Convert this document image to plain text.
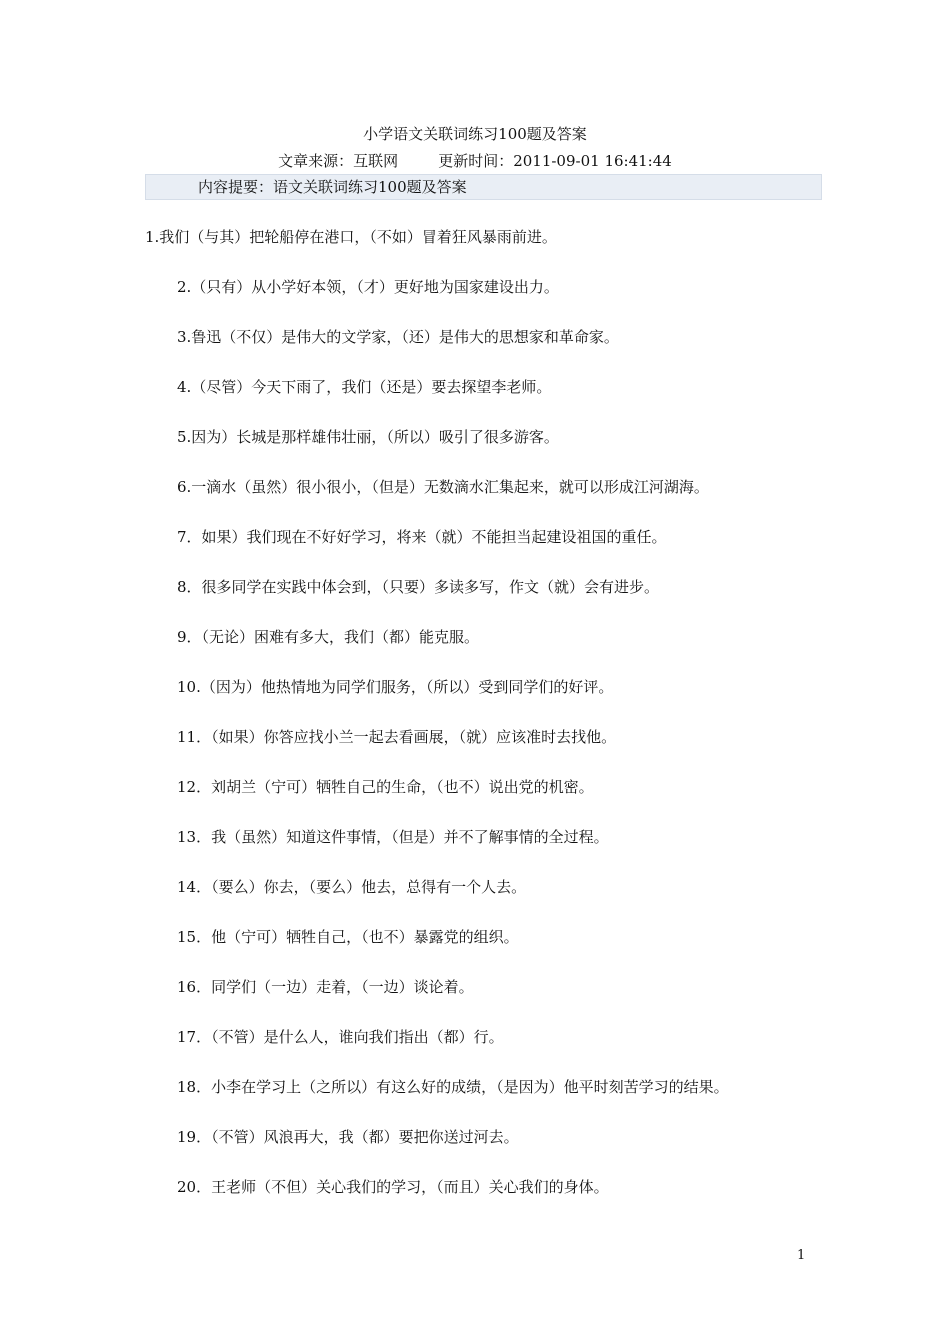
小学语文关联词练习100题及答案
文章来源：互联网	更新时间：2011-09-01 16:41:44
内容提要：语文关联词练习100题及答案
1.我们（与其）把轮船停在港口，（不如）冒着狂风暴雨前进。
2.（只有）从小学好本领，（才）更好地为国家建设出力。
3.鲁迅（不仅）是伟大的文学家，（还）是伟大的思想家和革命家。
4.（尽管）今天下雨了，我们（还是）要去探望李老师。
5.因为）长城是那样雄伟壮丽，（所以）吸引了很多游客。
6.一滴水（虽然）很小很小，（但是）无数滴水汇集起来，就可以形成江河湖海。
7．如果）我们现在不好好学习，将来（就）不能担当起建设祖国的重任。
8．很多同学在实践中体会到，（只要）多读多写，作文（就）会有进步。
9．（无论）困难有多大，我们（都）能克服。
10.（因为）他热情地为同学们服务，（所以）受到同学们的好评。
11．（如果）你答应找小兰一起去看画展，（就）应该准时去找他。
12．刘胡兰（宁可）牺牲自己的生命，（也不）说出党的机密。
13．我（虽然）知道这件事情，（但是）并不了解事情的全过程。
14．（要么）你去，（要么）他去，总得有一个人去。
15．他（宁可）牺牲自己，（也不）暴露党的组织。
16．同学们（一边）走着，（一边）谈论着。
17．（不管）是什么人，谁向我们指出（都）行。
18．小李在学习上（之所以）有这么好的成绩，（是因为）他平时刻苦学习的结果。
19．（不管）风浪再大，我（都）要把你送过河去。
20．王老师（不但）关心我们的学习，（而且）关心我们的身体。
1
